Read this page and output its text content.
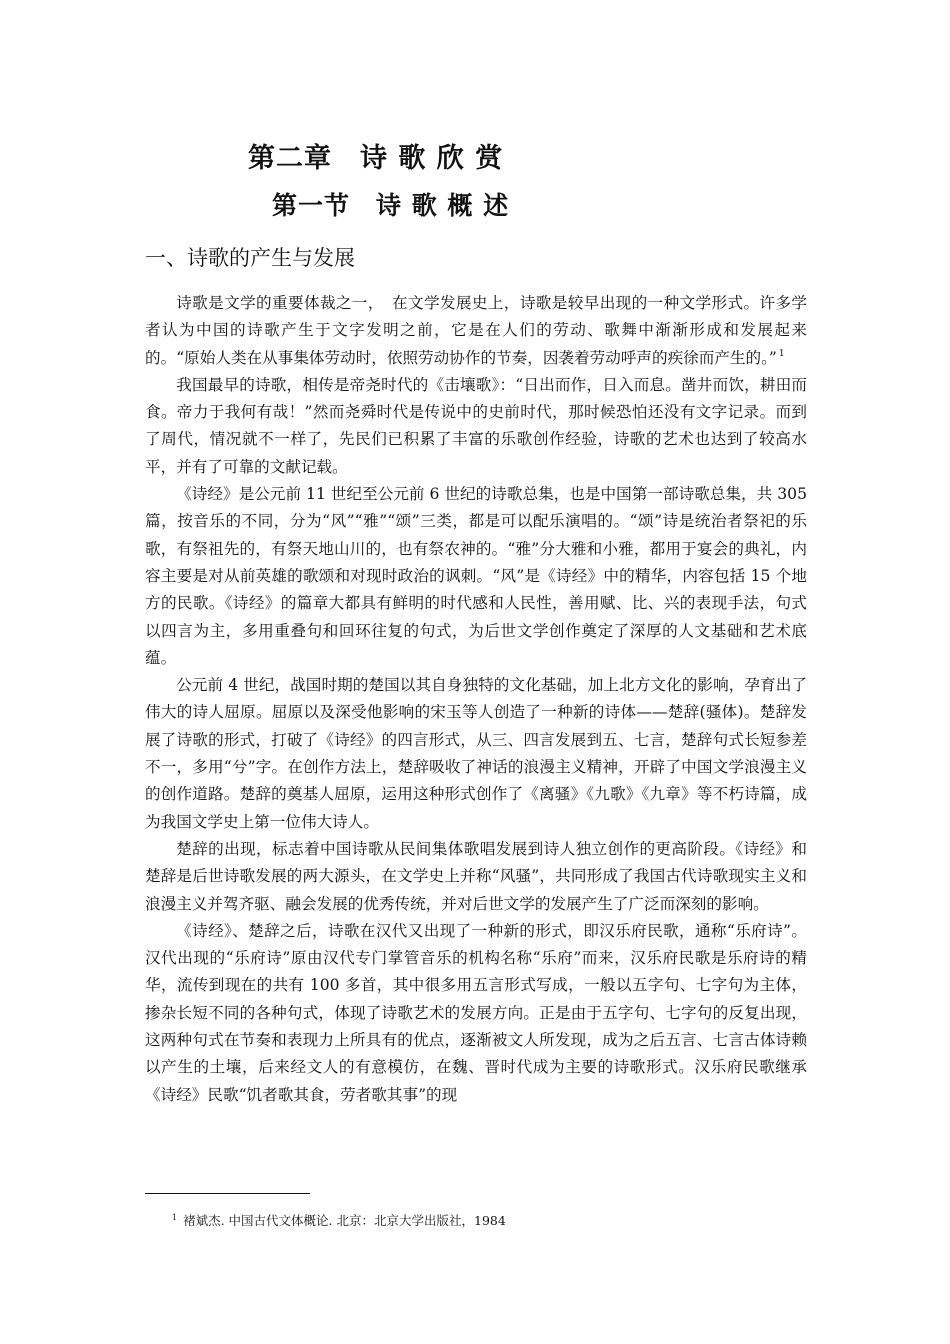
第二章　诗 歌 欣 赏
第一节　诗 歌 概 述
一、诗歌的产生与发展

诗歌是文学的重要体裁之一，　在文学发展史上，诗歌是较早出现的一种文学形式。许多学者认为中国的诗歌产生于文字发明之前，它是在人们的劳动、歌舞中渐渐形成和发展起来的。“原始人类在从事集体劳动时，依照劳动协作的节奏，因袭着劳动呼声的疾徐而产生的。” $^1$

我国最早的诗歌，相传是帝尧时代的《击壤歌》：“日出而作，日入而息。凿井而饮，耕田而食。帝力于我何有哉！”然而尧舜时代是传说中的史前时代，那时候恐怕还没有文字记录。而到了周代，情况就不一样了，先民们已积累了丰富的乐歌创作经验，诗歌的艺术也达到了较高水平，并有了可靠的文献记载。

《诗经》是公元前 11 世纪至公元前 6 世纪的诗歌总集，也是中国第一部诗歌总集，共 305 篇，按音乐的不同，分为“风”“雅”“颂”三类，都是可以配乐演唱的。“颂”诗是统治者祭祀的乐歌，有祭祖先的，有祭天地山川的，也有祭农神的。“雅”分大雅和小雅，都用于宴会的典礼，内容主要是对从前英雄的歌颂和对现时政治的讽刺。“风”是《诗经》中的精华，内容包括 15 个地方的民歌。《诗经》的篇章大都具有鲜明的时代感和人民性，善用赋、比、兴的表现手法，句式以四言为主，多用重叠句和回环往复的句式，为后世文学创作奠定了深厚的人文基础和艺术底蕴。

公元前 4 世纪，战国时期的楚国以其自身独特的文化基础，加上北方文化的影响，孕育出了伟大的诗人屈原。屈原以及深受他影响的宋玉等人创造了一种新的诗体——楚辞(骚体)。楚辞发展了诗歌的形式，打破了《诗经》的四言形式，从三、四言发展到五、七言，楚辞句式长短参差不一，多用“兮”字。在创作方法上，楚辞吸收了神话的浪漫主义精神，开辟了中国文学浪漫主义的创作道路。楚辞的奠基人屈原，运用这种形式创作了《离骚》《九歌》《九章》等不朽诗篇，成为我国文学史上第一位伟大诗人。

楚辞的出现，标志着中国诗歌从民间集体歌唱发展到诗人独立创作的更高阶段。《诗经》和楚辞是后世诗歌发展的两大源头，在文学史上并称“风骚”，共同形成了我国古代诗歌现实主义和浪漫主义并驾齐驱、融会发展的优秀传统，并对后世文学的发展产生了广泛而深刻的影响。

《诗经》、楚辞之后，诗歌在汉代又出现了一种新的形式，即汉乐府民歌，通称“乐府诗”。汉代出现的“乐府诗”原由汉代专门掌管音乐的机构名称“乐府”而来，汉乐府民歌是乐府诗的精华，流传到现在的共有 100 多首，其中很多用五言形式写成，一般以五字句、七字句为主体，掺杂长短不同的各种句式，体现了诗歌艺术的发展方向。正是由于五字句、七字句的反复出现，这两种句式在节奏和表现力上所具有的优点，逐渐被文人所发现，成为之后五言、七言古体诗赖以产生的土壤，后来经文人的有意模仿，在魏、晋时代成为主要的诗歌形式。汉乐府民歌继承《诗经》民歌“饥者歌其食，劳者歌其事”的现

$^1$ 褚斌杰. 中国古代文体概论. 北京：北京大学出版社，1984
